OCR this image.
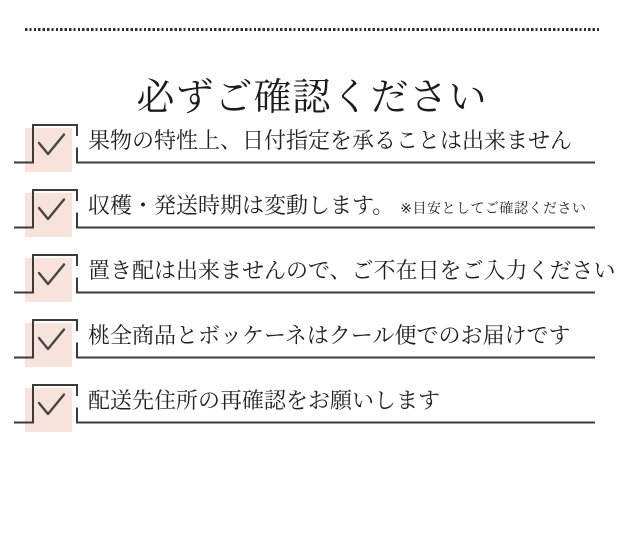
必ずご確認ください
果物の特性上、日付指定を承ることは出来ません
収穫・発送時期は変動します。 ※目安としてご確認ください
置き配は出来ませんので、ご不在日をご入力ください
桃全商品とボッケーネはクール便でのお届けです
配送先住所の再確認をお願いします
